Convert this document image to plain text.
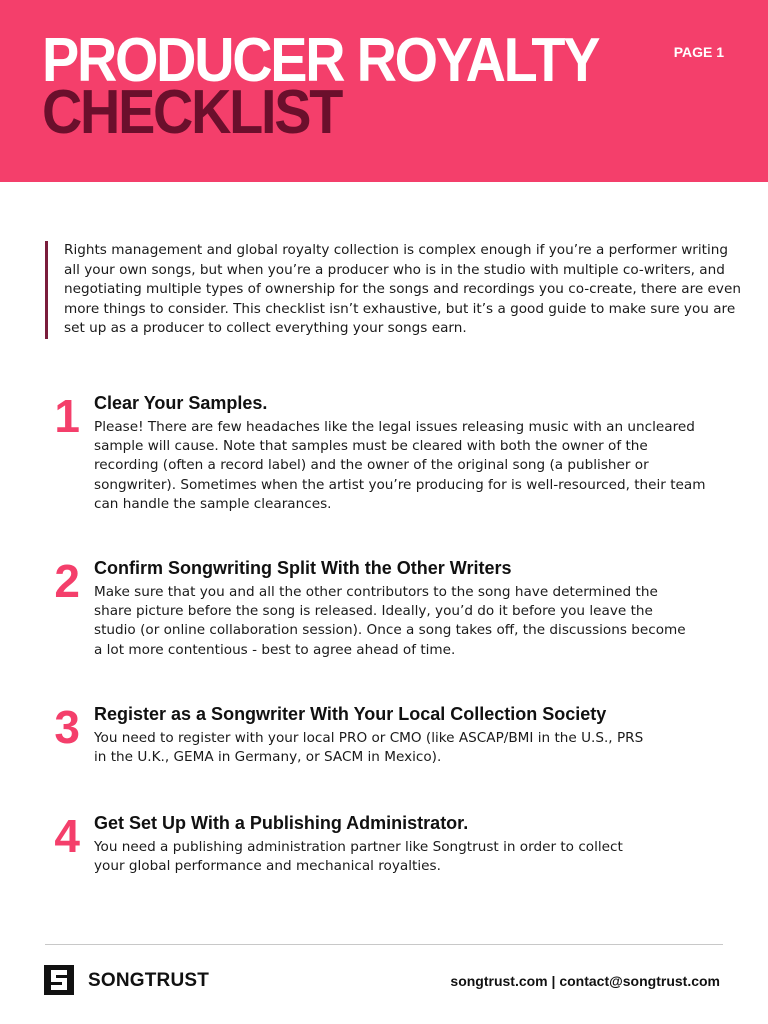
PRODUCER ROYALTY
CHECKLIST
PAGE 1
Rights management and global royalty collection is complex enough if you’re a performer writing all your own songs, but when you’re a producer who is in the studio with multiple co-writers, and negotiating multiple types of ownership for the songs and recordings you co-create, there are even more things to consider. This checklist isn’t exhaustive, but it’s a good guide to make sure you are set up as a producer to collect everything your songs earn.
1 Clear Your Samples.
Please! There are few headaches like the legal issues releasing music with an uncleared sample will cause. Note that samples must be cleared with both the owner of the recording (often a record label) and the owner of the original song (a publisher or songwriter). Sometimes when the artist you’re producing for is well-resourced, their team can handle the sample clearances.
2 Confirm Songwriting Split With the Other Writers
Make sure that you and all the other contributors to the song have determined the share picture before the song is released. Ideally, you’d do it before you leave the studio (or online collaboration session). Once a song takes off, the discussions become a lot more contentious - best to agree ahead of time.
3 Register as a Songwriter With Your Local Collection Society
You need to register with your local PRO or CMO (like ASCAP/BMI in the U.S., PRS in the U.K., GEMA in Germany, or SACM in Mexico).
4 Get Set Up With a Publishing Administrator.
You need a publishing administration partner like Songtrust in order to collect your global performance and mechanical royalties.
SONGTRUST	songtrust.com | contact@songtrust.com
